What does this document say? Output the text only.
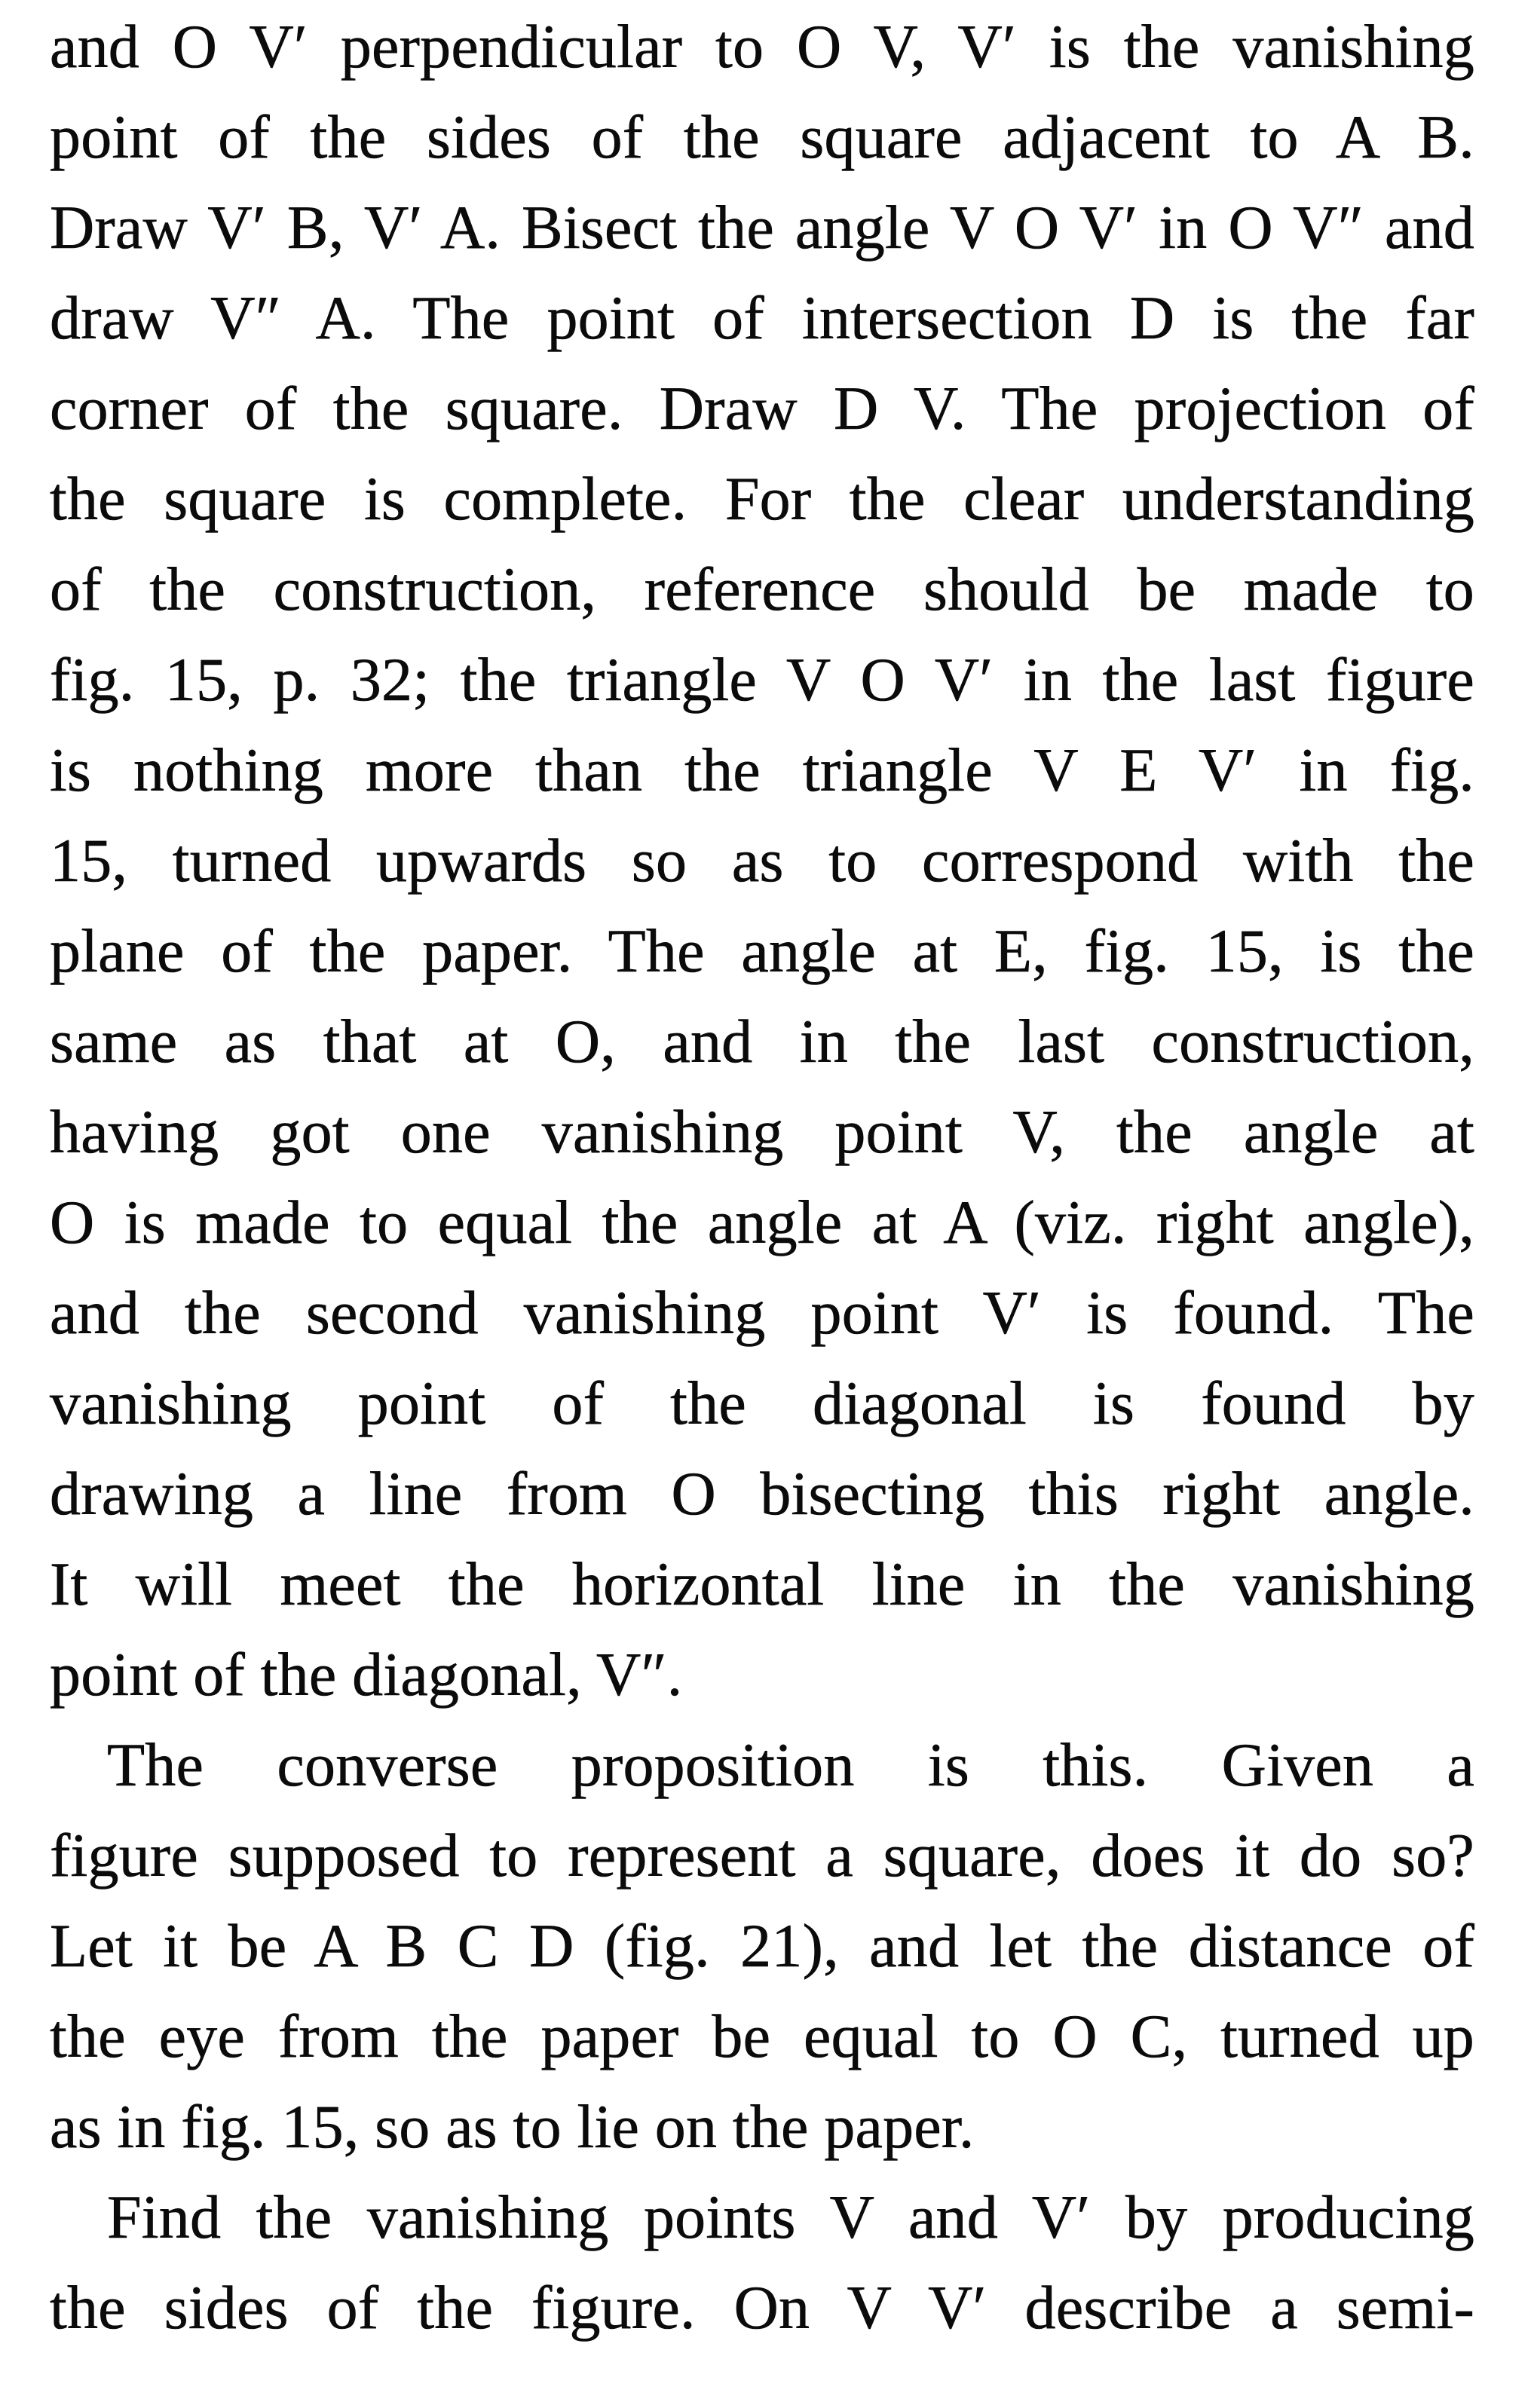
and O V′ perpendicular to O V, V′ is the vanishing
point of the sides of the square adjacent to A B.
Draw V′ B, V′ A. Bisect the angle V O V′ in O V″ and
draw V″ A. The point of intersection D is the far
corner of the square. Draw D V. The projection of
the square is complete. For the clear understanding
of the construction, reference should be made to
fig. 15, p. 32; the triangle V O V′ in the last figure
is nothing more than the triangle V E V′ in fig.
15, turned upwards so as to correspond with the
plane of the paper. The angle at E, fig. 15, is the
same as that at O, and in the last construction,
having got one vanishing point V, the angle at
O is made to equal the angle at A (viz. right angle),
and the second vanishing point V′ is found. The
vanishing point of the diagonal is found by
drawing a line from O bisecting this right angle.
It will meet the horizontal line in the vanishing
point of the diagonal, V″.
The converse proposition is this. Given a
figure supposed to represent a square, does it do so?
Let it be A B C D (fig. 21), and let the distance of
the eye from the paper be equal to O C, turned up
as in fig. 15, so as to lie on the paper.
Find the vanishing points V and V′ by producing
the sides of the figure. On V V′ describe a semi-
